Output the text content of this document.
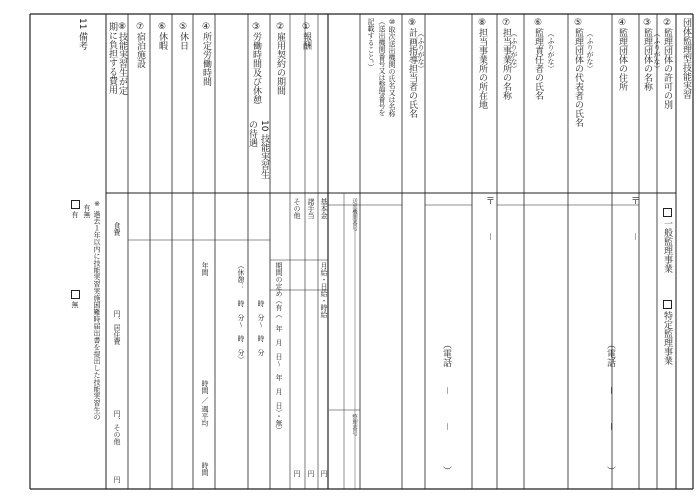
団体監理型技能実習
②監理団体の許可の別
一般監理事業
特定監理事業
（ふりがな）
③監理団体の名称
④監理団体の住所
〒
－
（電話
－
－
）
（ふりがな）
⑤監理団体の代表者の氏名
（ふりがな）
⑥監理責任者の氏名
（ふりがな）
⑦担当事業所の名称
⑧担当事業所の所在地
〒
－
（電話
－
－
）
（ふりがな）
⑨計画指導担当者の氏名
⑩取次送出機関の氏名又は名称
（送出機関番号又は整理番号を
記載すること。）
送出機関番号
整理番号
10 技能実習生
の待遇
①報酬
基本金
月給・日給・時給
円
諸手当
円
その他
円
②雇用契約の期間
期間の定め（有（　年　月　日～　年　月　日）・無）
③労働時間及び休憩
時　分～　時　分
（休憩：
時　分～　時　分）
④所定労働時間
年間
時間 ／ 週平均
時間
⑤休日
⑥休暇
⑦宿泊施設
⑧技能実習生が定
期に負担する費用
食費
円、居住費
円、その他
円
11 備考
※ 過去１年以内に技能実習実施困難時届出書を提出した技能実習生の
有無
有
無
